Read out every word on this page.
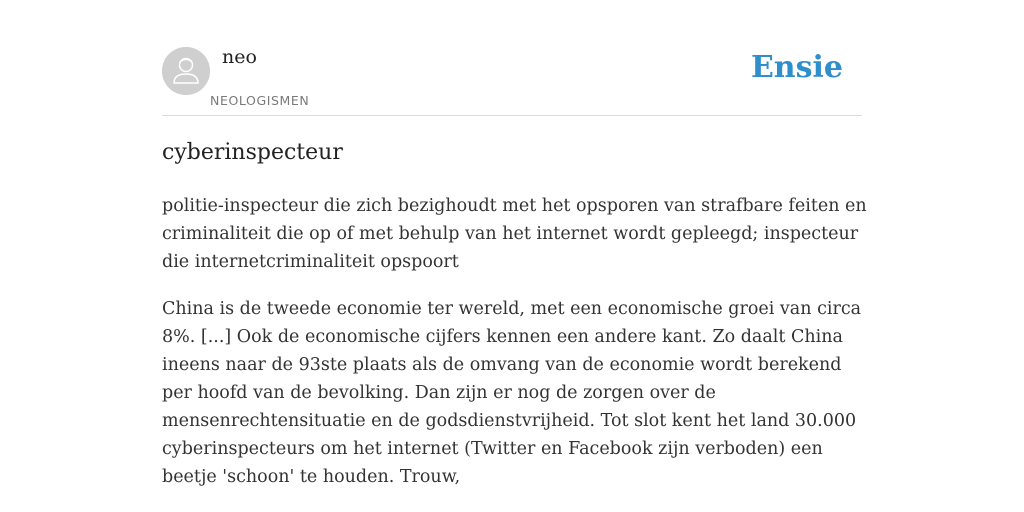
neo
NEOLOGISMEN
Ensie
cyberinspecteur

politie-inspecteur die zich bezighoudt met het opsporen van strafbare feiten en criminaliteit die op of met behulp van het internet wordt gepleegd; inspecteur die internetcriminaliteit opspoort

China is de tweede economie ter wereld, met een economische groei van circa 8%. [...] Ook de economische cijfers kennen een andere kant. Zo daalt China ineens naar de 93ste plaats als de omvang van de economie wordt berekend per hoofd van de bevolking. Dan zijn er nog de zorgen over de mensenrechtensituatie en de godsdienstvrijheid. Tot slot kent het land 30.000 cyberinspecteurs om het internet (Twitter en Facebook zijn verboden) een beetje 'schoon' te houden. Trouw,
